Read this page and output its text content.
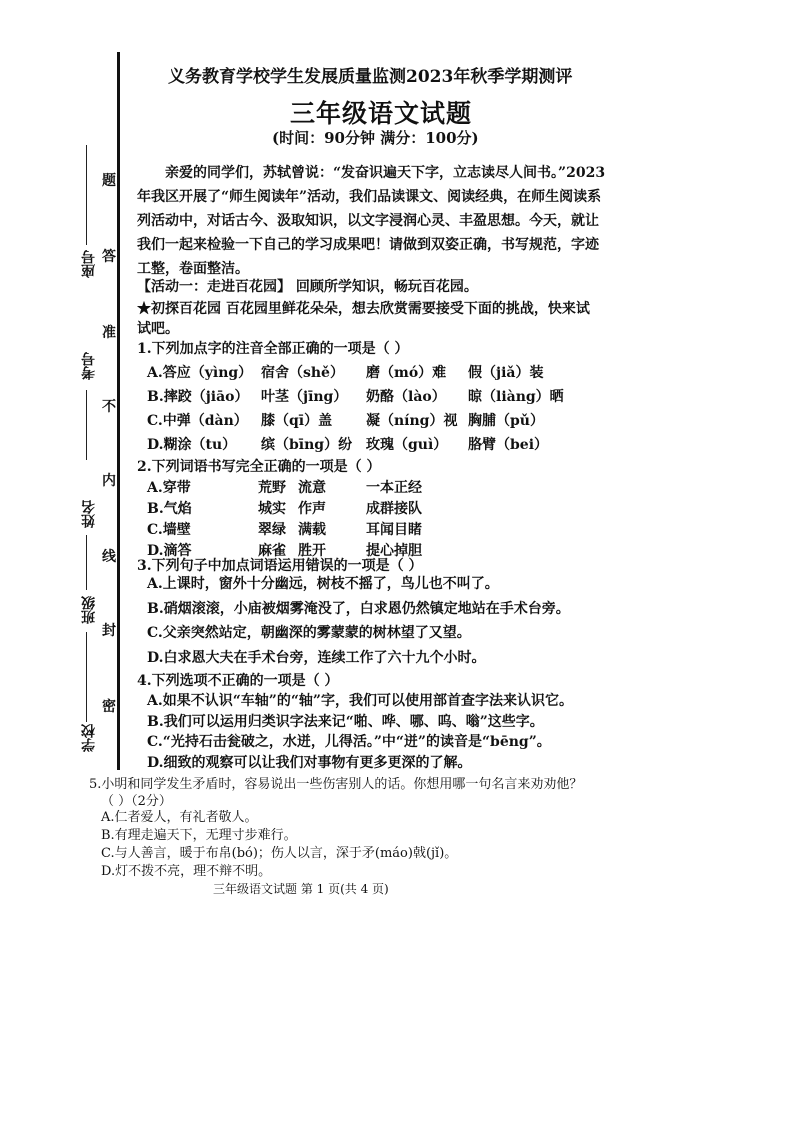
题
答
准
不
内
线
封
密
座号
考号
姓名
班级
学校
义务教育学校学生发展质量监测2023年秋季学期测评
三年级语文试题
(时间：90分钟 满分：100分)
亲爱的同学们，苏轼曾说：“发奋识遍天下字，立志读尽人间书。”2023年我区开展了“师生阅读年”活动，我们品读课文、阅读经典，在师生阅读系列活动中，对话古今、汲取知识，以文字浸润心灵、丰盈思想。今天，就让我们一起来检验一下自己的学习成果吧！请做到双姿正确，书写规范，字迹工整，卷面整洁。
【活动一：走进百花园】 回顾所学知识，畅玩百花园。
★初探百花园 百花园里鲜花朵朵，想去欣赏需要接受下面的挑战，快来试
试吧。
1.下列加点字的注音全部正确的一项是（ ）
A.答应（yìng） 宿舍（shě） 磨（mó）难 假（jiǎ）装
B.摔跤（jiāo） 叶茎（jīng） 奶酪（lào） 晾（liàng）晒
C.中弹（dàn） 膝（qī）盖 凝（níng）视 胸脯（pǔ）
D.糊涂（tu） 缤（bīng）纷 玫瑰（guì） 胳臂（bei）
2.下列词语书写完全正确的一项是（ ）
A.穿带	荒野 流意	一本正经
B.气焰	城实 作声	成群接队
C.墙壁	翠绿 满载	耳闻目睹
D.滴答	麻雀 胜开	提心掉胆
3.下列句子中加点词语运用错误的一项是（ ）
A.上课时，窗外十分幽远，树枝不摇了，鸟儿也不叫了。
B.硝烟滚滚，小庙被烟雾淹没了，白求恩仍然镇定地站在手术台旁。
C.父亲突然站定，朝幽深的雾蒙蒙的树林望了又望。
D.白求恩大夫在手术台旁，连续工作了六十九个小时。
4.下列选项不正确的一项是（ ）
A.如果不认识“车轴”的“轴”字，我们可以使用部首查字法来认识它。
B.我们可以运用归类识字法来记“啪、哗、哪、呜、嗡”这些字。
C.“光持石击瓮破之，水迸，儿得活。”中“迸”的读音是“bēng”。
D.细致的观察可以让我们对事物有更多更深的了解。
5.小明和同学发生矛盾时，容易说出一些伤害别人的话。你想用哪一句名言来劝劝他？
（ ）（2分）
A.仁者爱人，有礼者敬人。
B.有理走遍天下，无理寸步难行。
C.与人善言，暖于布帛(bó)；伤人以言，深于矛(máo)戟(jǐ)。
D.灯不拨不亮，理不辩不明。
三年级语文试题 第 1 页(共 4 页)
